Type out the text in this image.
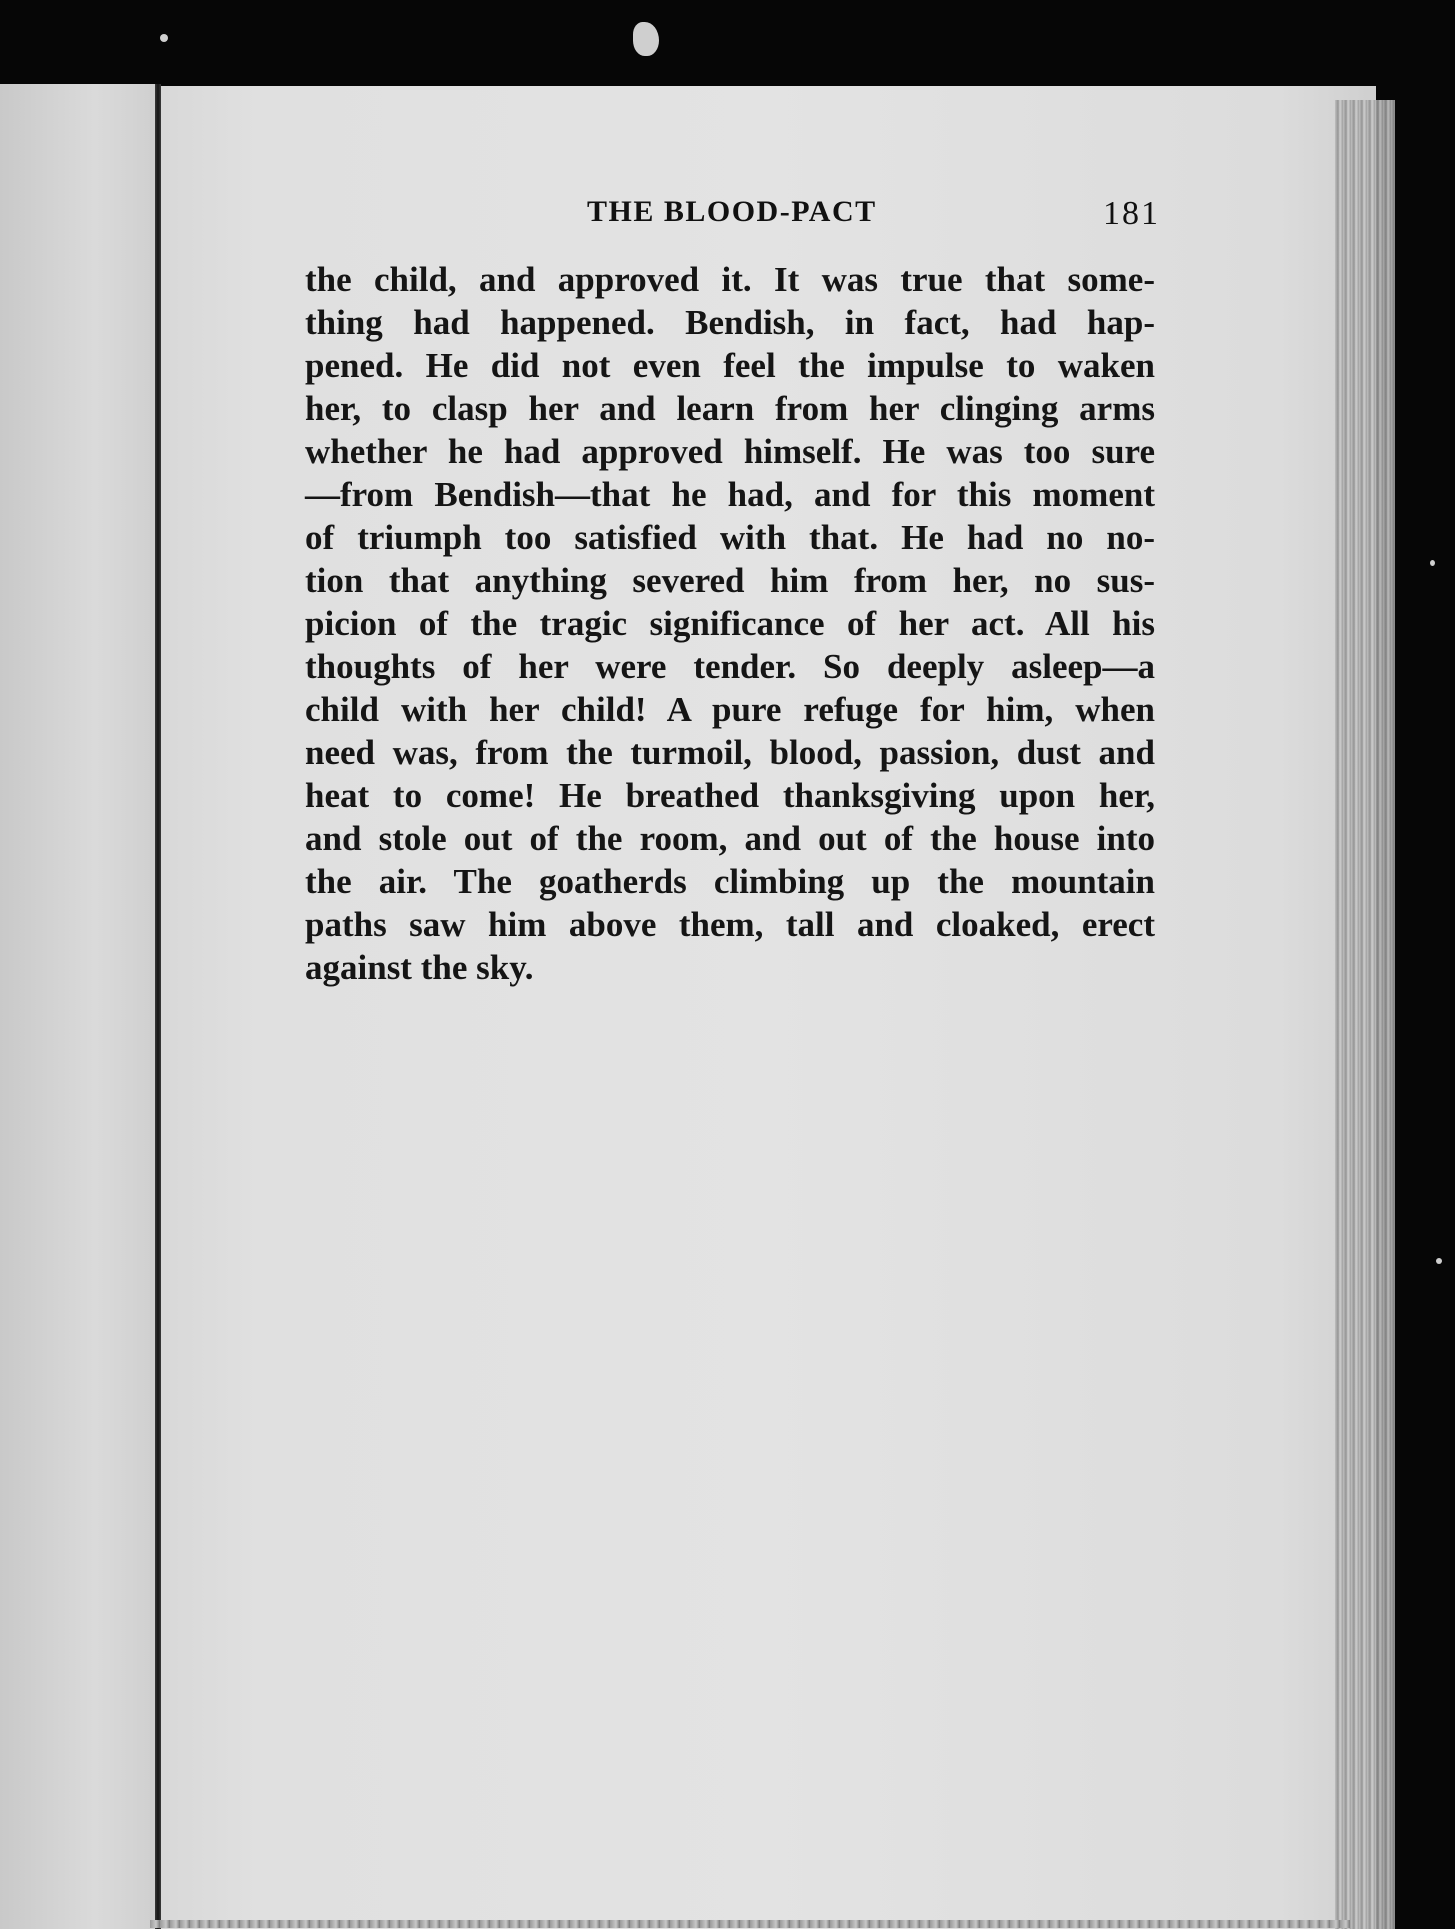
THE BLOOD-PACT	181
the child, and approved it. It was true that some-
thing had happened. Bendish, in fact, had hap-
pened. He did not even feel the impulse to waken
her, to clasp her and learn from her clinging arms
whether he had approved himself. He was too sure
—from Bendish—that he had, and for this moment
of triumph too satisfied with that. He had no no-
tion that anything severed him from her, no sus-
picion of the tragic significance of her act. All his
thoughts of her were tender. So deeply asleep—a
child with her child! A pure refuge for him, when
need was, from the turmoil, blood, passion, dust and
heat to come! He breathed thanksgiving upon her,
and stole out of the room, and out of the house into
the air. The goatherds climbing up the mountain
paths saw him above them, tall and cloaked, erect
against the sky.
